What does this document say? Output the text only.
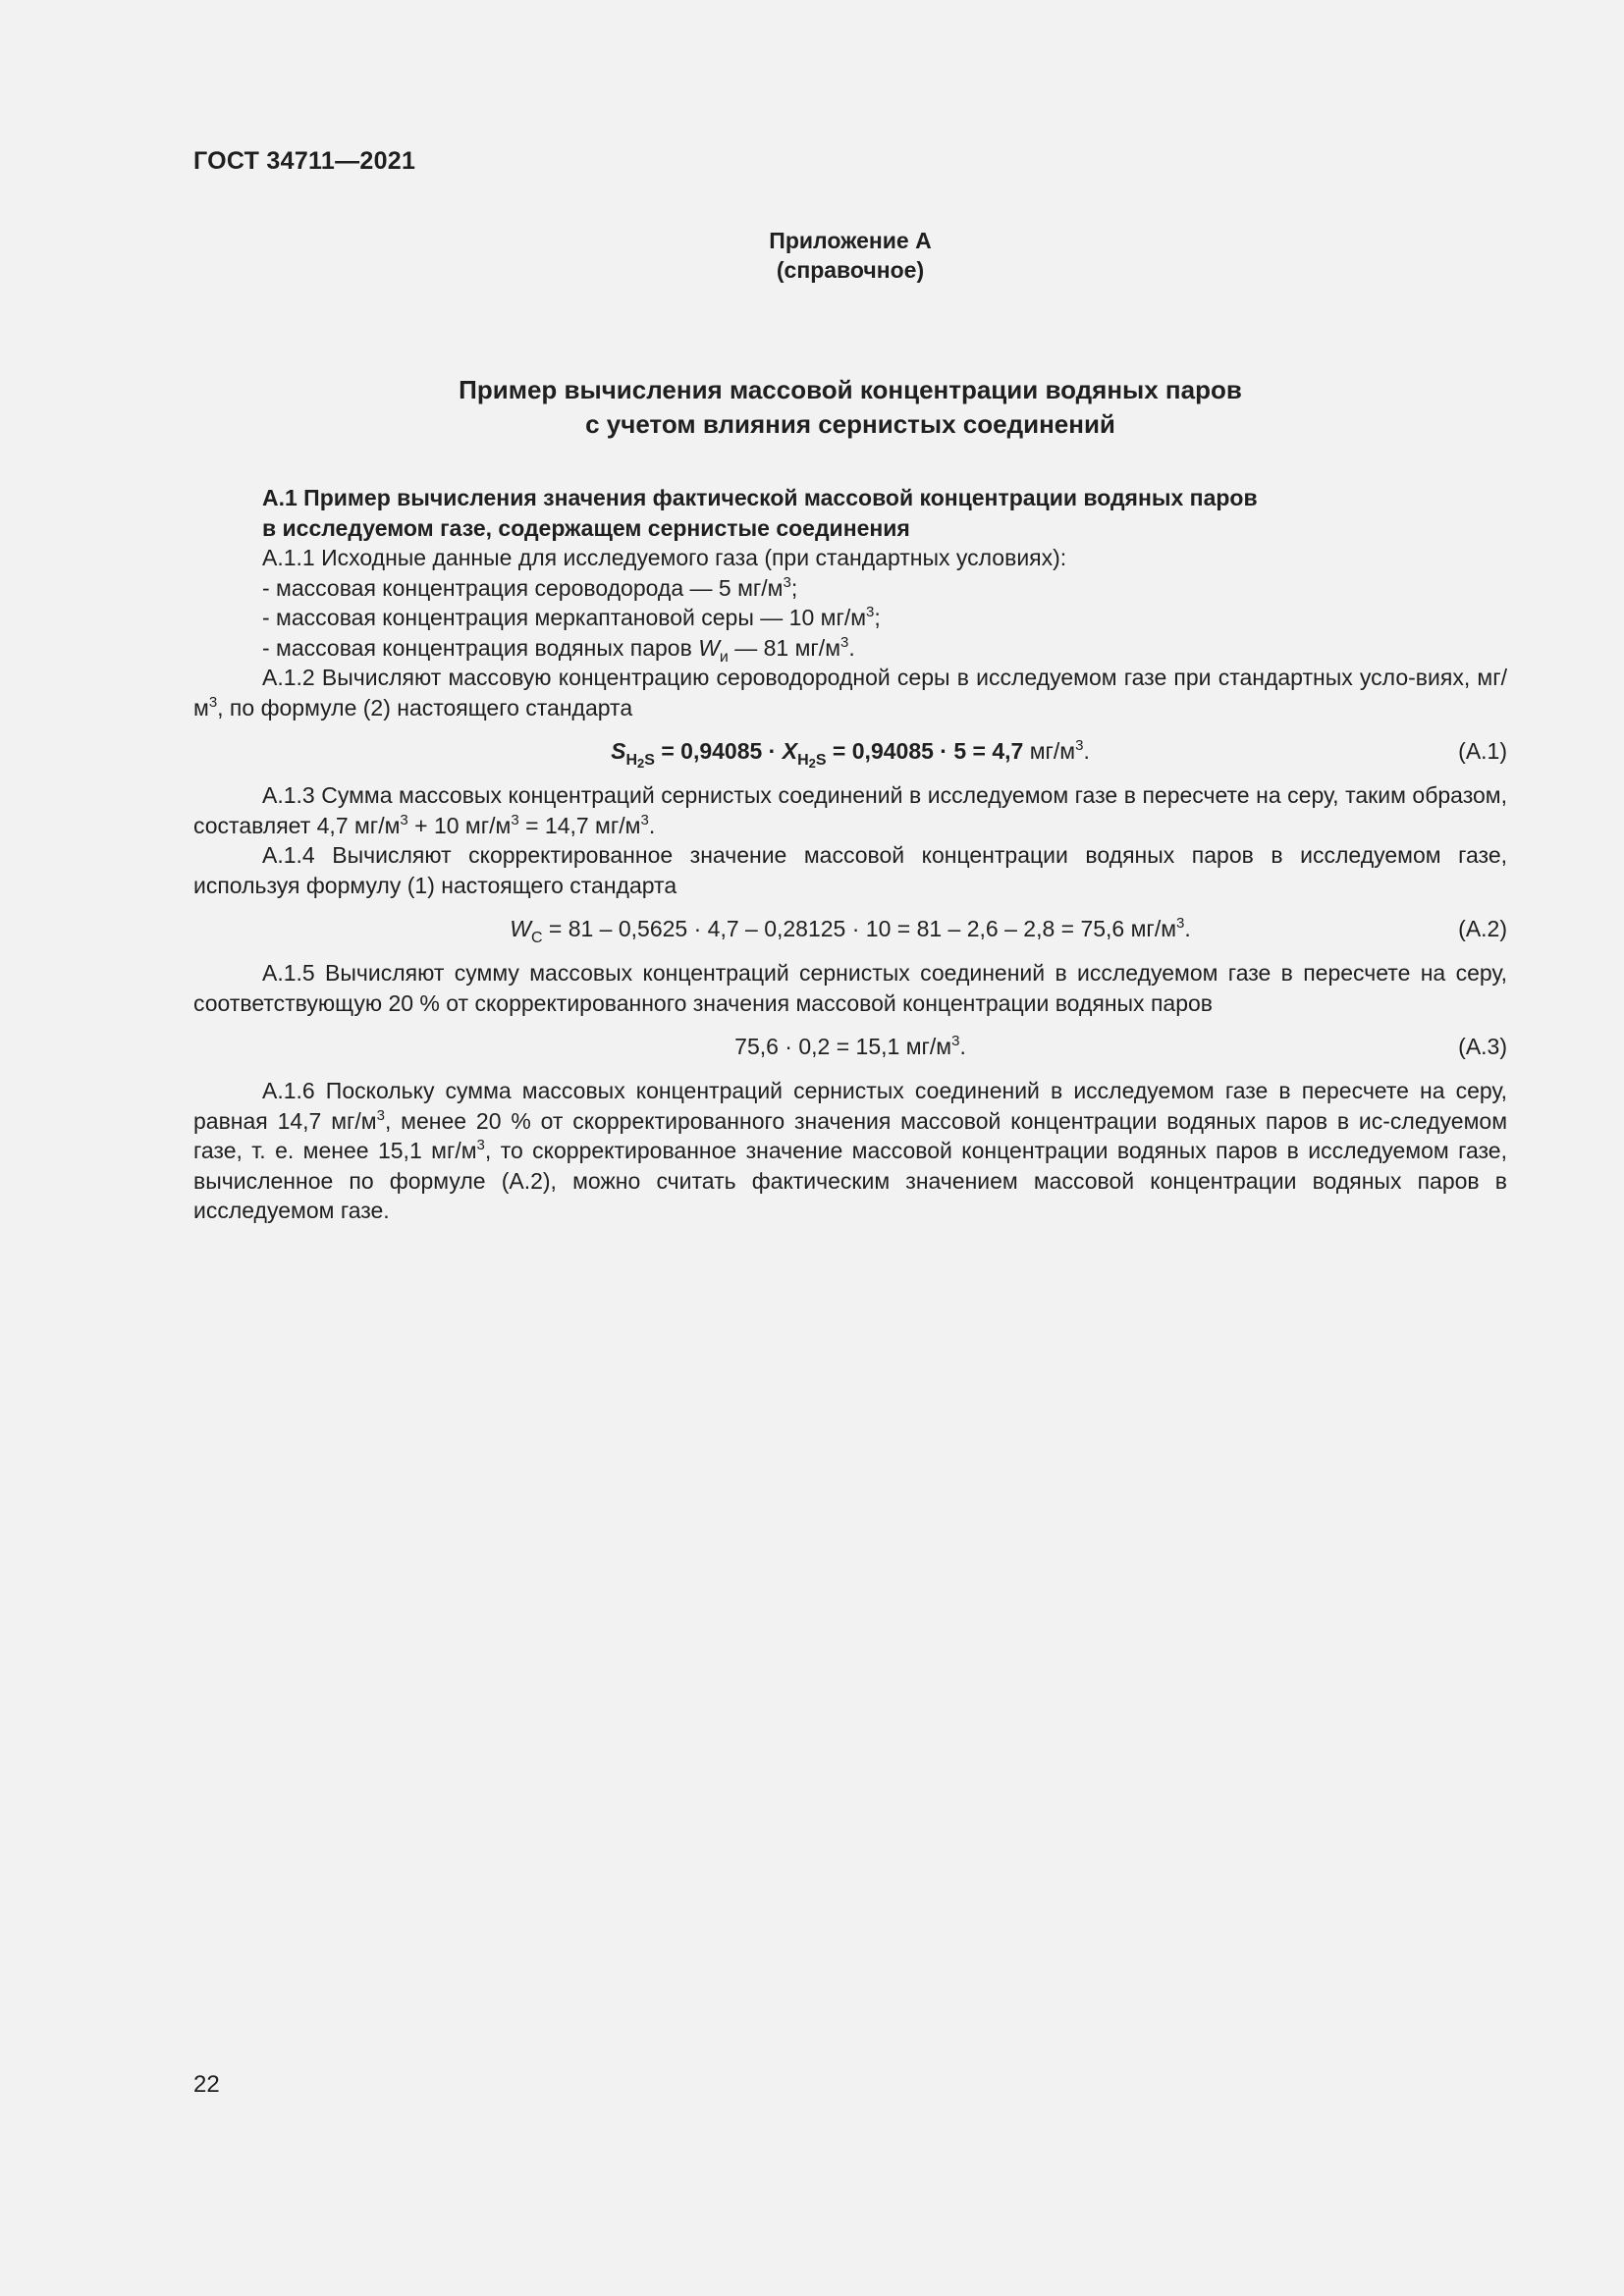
ГОСТ 34711—2021
Приложение А
(справочное)
Пример вычисления массовой концентрации водяных паров
с учетом влияния сернистых соединений

А.1 Пример вычисления значения фактической массовой концентрации водяных паров
в исследуемом газе, содержащем сернистые соединения

А.1.1 Исходные данные для исследуемого газа (при стандартных условиях):

- массовая концентрация сероводорода — 5 $мг/м^3$;

- массовая концентрация меркаптановой серы — 10 $мг/м^3$;

- массовая концентрация водяных паров $W_и$ — 81 $мг/м^3$.

А.1.2 Вычисляют массовую концентрацию сероводородной серы в исследуемом газе при стандартных усло-виях, $мг/м^3$, по формуле (2) настоящего стандарта

$S_{H2S} = 0,94085 \cdot X_{H2S} = 0,94085 \cdot 5 = 4,7$ $мг/м^3$.	(А.1)

А.1.3 Сумма массовых концентраций сернистых соединений в исследуемом газе в пересчете на серу, таким образом, составляет 4,7 $мг/м^3 + 10$ $мг/м^3 = 14,7$ $мг/м^3$.

А.1.4 Вычисляют скорректированное значение массовой концентрации водяных паров в исследуемом газе, используя формулу (1) настоящего стандарта

$W_С = 81 - 0,5625 \cdot 4,7 - 0,28125 \cdot 10 = 81 - 2,6 - 2,8 = 75,6$ $мг/м^3$.	(А.2)

А.1.5 Вычисляют сумму массовых концентраций сернистых соединений в исследуемом газе в пересчете на серу, соответствующую 20 % от скорректированного значения массовой концентрации водяных паров

75,6 · 0,2 = 15,1 $мг/м^3$.	(А.3)

А.1.6 Поскольку сумма массовых концентраций сернистых соединений в исследуемом газе в пересчете на серу, равная 14,7 $мг/м^3$, менее 20 % от скорректированного значения массовой концентрации водяных паров в ис-следуемом газе, т. е. менее 15,1 $мг/м^3$, то скорректированное значение массовой концентрации водяных паров в исследуемом газе, вычисленное по формуле (А.2), можно считать фактическим значением массовой концентрации водяных паров в исследуемом газе.

22
